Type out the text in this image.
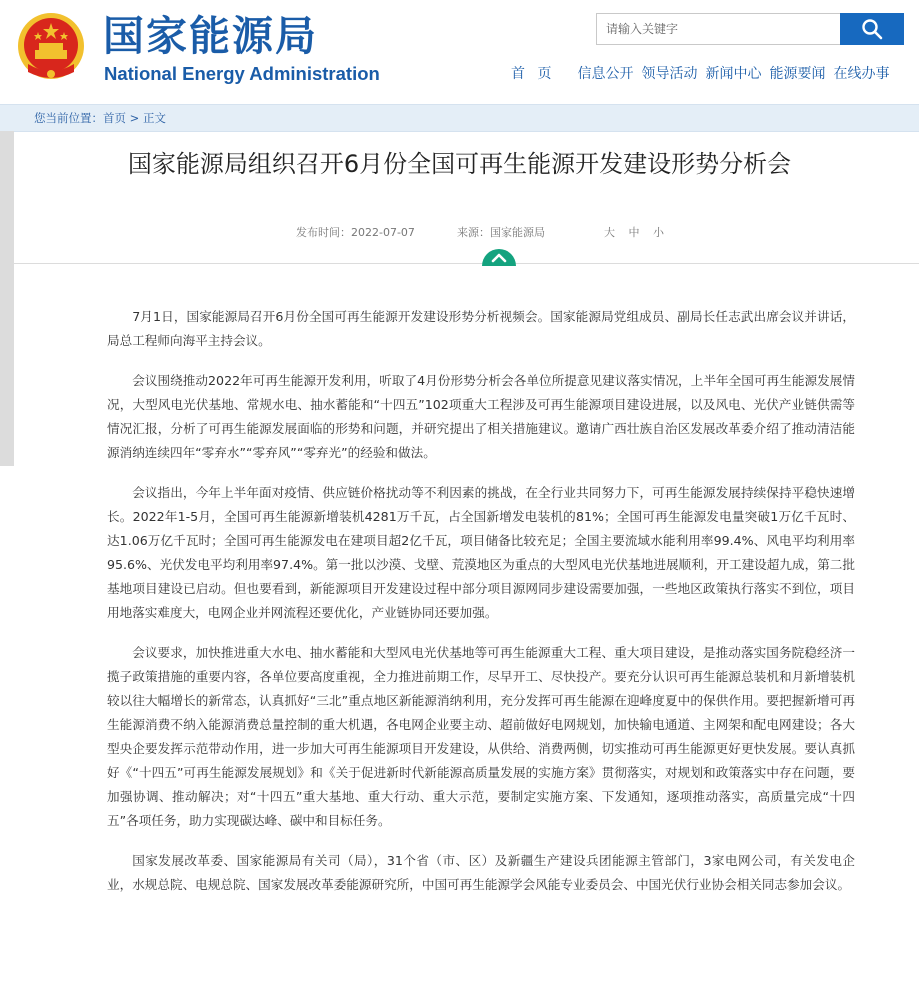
国家能源局
National Energy Administration
请输入关键字	首 页 信息公开 领导活动 新闻中心 能源要闻 在线办事
您当前位置：首页 > 正文
国家能源局组织召开6月份全国可再生能源开发建设形势分析会
发布时间：2022-07-07	来源：国家能源局	大 中 小

7月1日，国家能源局召开6月份全国可再生能源开发建设形势分析视频会。国家能源局党组成员、副局长任志武出席会议并讲话，局总工程师向海平主持会议。

会议围绕推动2022年可再生能源开发利用，听取了4月份形势分析会各单位所提意见建议落实情况，上半年全国可再生能源发展情况，大型风电光伏基地、常规水电、抽水蓄能和“十四五”102项重大工程涉及可再生能源项目建设进展，以及风电、光伏产业链供需等情况汇报，分析了可再生能源发展面临的形势和问题，并研究提出了相关措施建议。邀请广西壮族自治区发展改革委介绍了推动清洁能源消纳连续四年“零弃水”“零弃风”“零弃光”的经验和做法。

会议指出，今年上半年面对疫情、供应链价格扰动等不利因素的挑战，在全行业共同努力下，可再生能源发展持续保持平稳快速增长。2022年1-5月，全国可再生能源新增装机4281万千瓦，占全国新增发电装机的81%；全国可再生能源发电量突破1万亿千瓦时、达1.06万亿千瓦时；全国可再生能源发电在建项目超2亿千瓦，项目储备比较充足；全国主要流域水能利用率99.4%、风电平均利用率95.6%、光伏发电平均利用率97.4%。第一批以沙漠、戈壁、荒漠地区为重点的大型风电光伏基地进展顺利，开工建设超九成，第二批基地项目建设已启动。但也要看到，新能源项目开发建设过程中部分项目源网同步建设需要加强，一些地区政策执行落实不到位，项目用地落实难度大，电网企业并网流程还要优化，产业链协同还要加强。

会议要求，加快推进重大水电、抽水蓄能和大型风电光伏基地等可再生能源重大工程、重大项目建设，是推动落实国务院稳经济一揽子政策措施的重要内容，各单位要高度重视，全力推进前期工作，尽早开工、尽快投产。要充分认识可再生能源总装机和月新增装机较以往大幅增长的新常态，认真抓好“三北”重点地区新能源消纳利用，充分发挥可再生能源在迎峰度夏中的保供作用。要把握新增可再生能源消费不纳入能源消费总量控制的重大机遇，各电网企业要主动、超前做好电网规划，加快输电通道、主网架和配电网建设；各大型央企要发挥示范带动作用，进一步加大可再生能源项目开发建设，从供给、消费两侧，切实推动可再生能源更好更快发展。要认真抓好《“十四五”可再生能源发展规划》和《关于促进新时代新能源高质量发展的实施方案》贯彻落实，对规划和政策落实中存在问题，要加强协调、推动解决；对“十四五”重大基地、重大行动、重大示范，要制定实施方案、下发通知，逐项推动落实，高质量完成“十四五”各项任务，助力实现碳达峰、碳中和目标任务。

国家发展改革委、国家能源局有关司（局），31个省（市、区）及新疆生产建设兵团能源主管部门，3家电网公司，有关发电企业，水规总院、电规总院、国家发展改革委能源研究所，中国可再生能源学会风能专业委员会、中国光伏行业协会相关同志参加会议。
